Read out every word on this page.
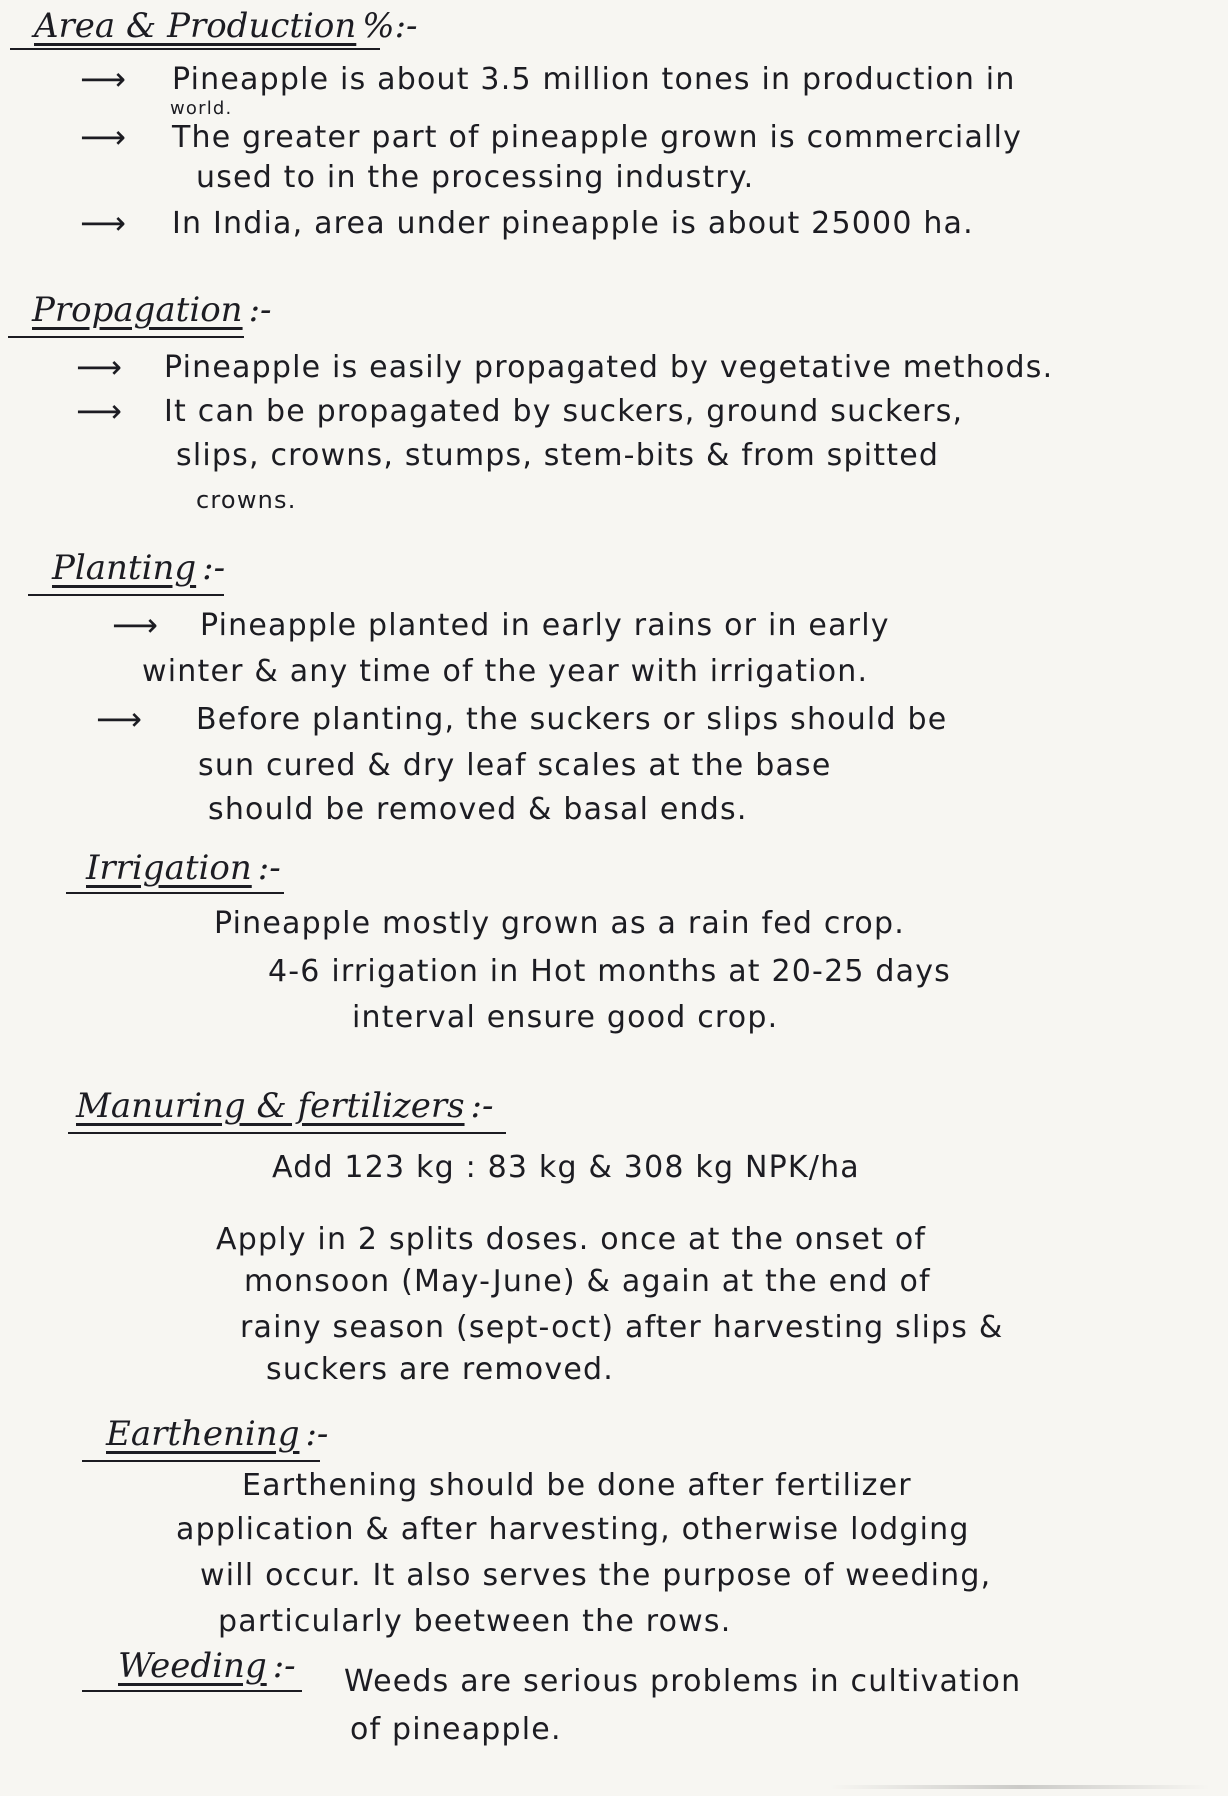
Area & Production %:-
⟶ Pineapple is about 3.5 million tones in production in
world.
⟶ The greater part of pineapple grown is commercially
used to in the processing industry.
⟶ In India, area under pineapple is about 25000 ha.
Propagation :-
⟶ Pineapple is easily propagated by vegetative methods.
⟶ It can be propagated by suckers, ground suckers,
slips, crowns, stumps, stem-bits & from spitted
crowns.
Planting :-
⟶ Pineapple planted in early rains or in early
winter & any time of the year with irrigation.
⟶ Before planting, the suckers or slips should be
sun cured & dry leaf scales at the base
should be removed & basal ends.
Irrigation :-
Pineapple mostly grown as a rain fed crop.
4-6 irrigation in Hot months at 20-25 days
interval ensure good crop.
Manuring & fertilizers :-
Add 123 kg : 83 kg & 308 kg NPK/ha
Apply in 2 splits doses. once at the onset of
monsoon (May-June) & again at the end of
rainy season (sept-oct) after harvesting slips &
suckers are removed.
Earthening :-
Earthening should be done after fertilizer
application & after harvesting, otherwise lodging
will occur. It also serves the purpose of weeding,
particularly beetween the rows.
Weeding :- Weeds are serious problems in cultivation
of pineapple.
